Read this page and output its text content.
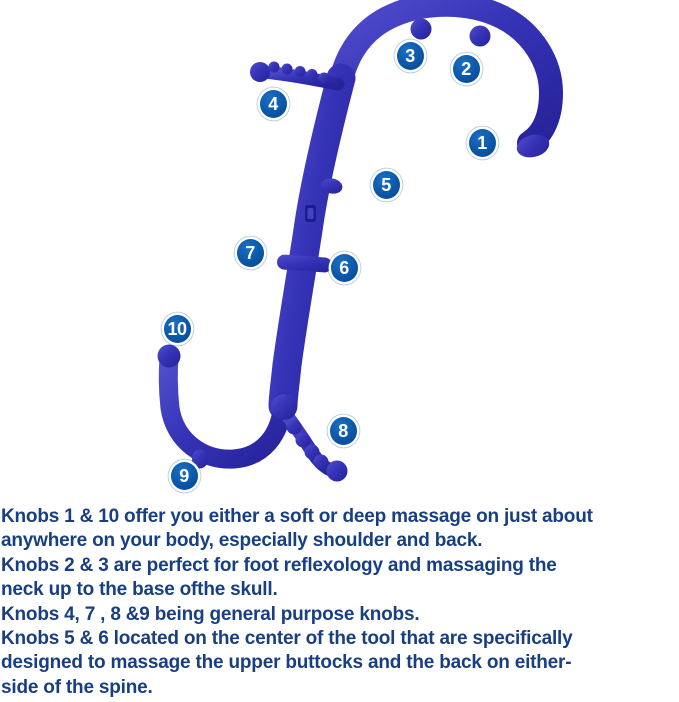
1
2
3
4
5
6
7
8
9
10
Knobs 1 & 10 offer you either a soft or deep massage on just about
anywhere on your body, especially shoulder and back.
Knobs 2 & 3 are perfect for foot reflexology and massaging the
neck up to the base ofthe skull.
Knobs 4, 7 , 8 &9 being general purpose knobs.
Knobs 5 & 6 located on the center of the tool that are specifically
designed to massage the upper buttocks and the back on either-
side of the spine.
